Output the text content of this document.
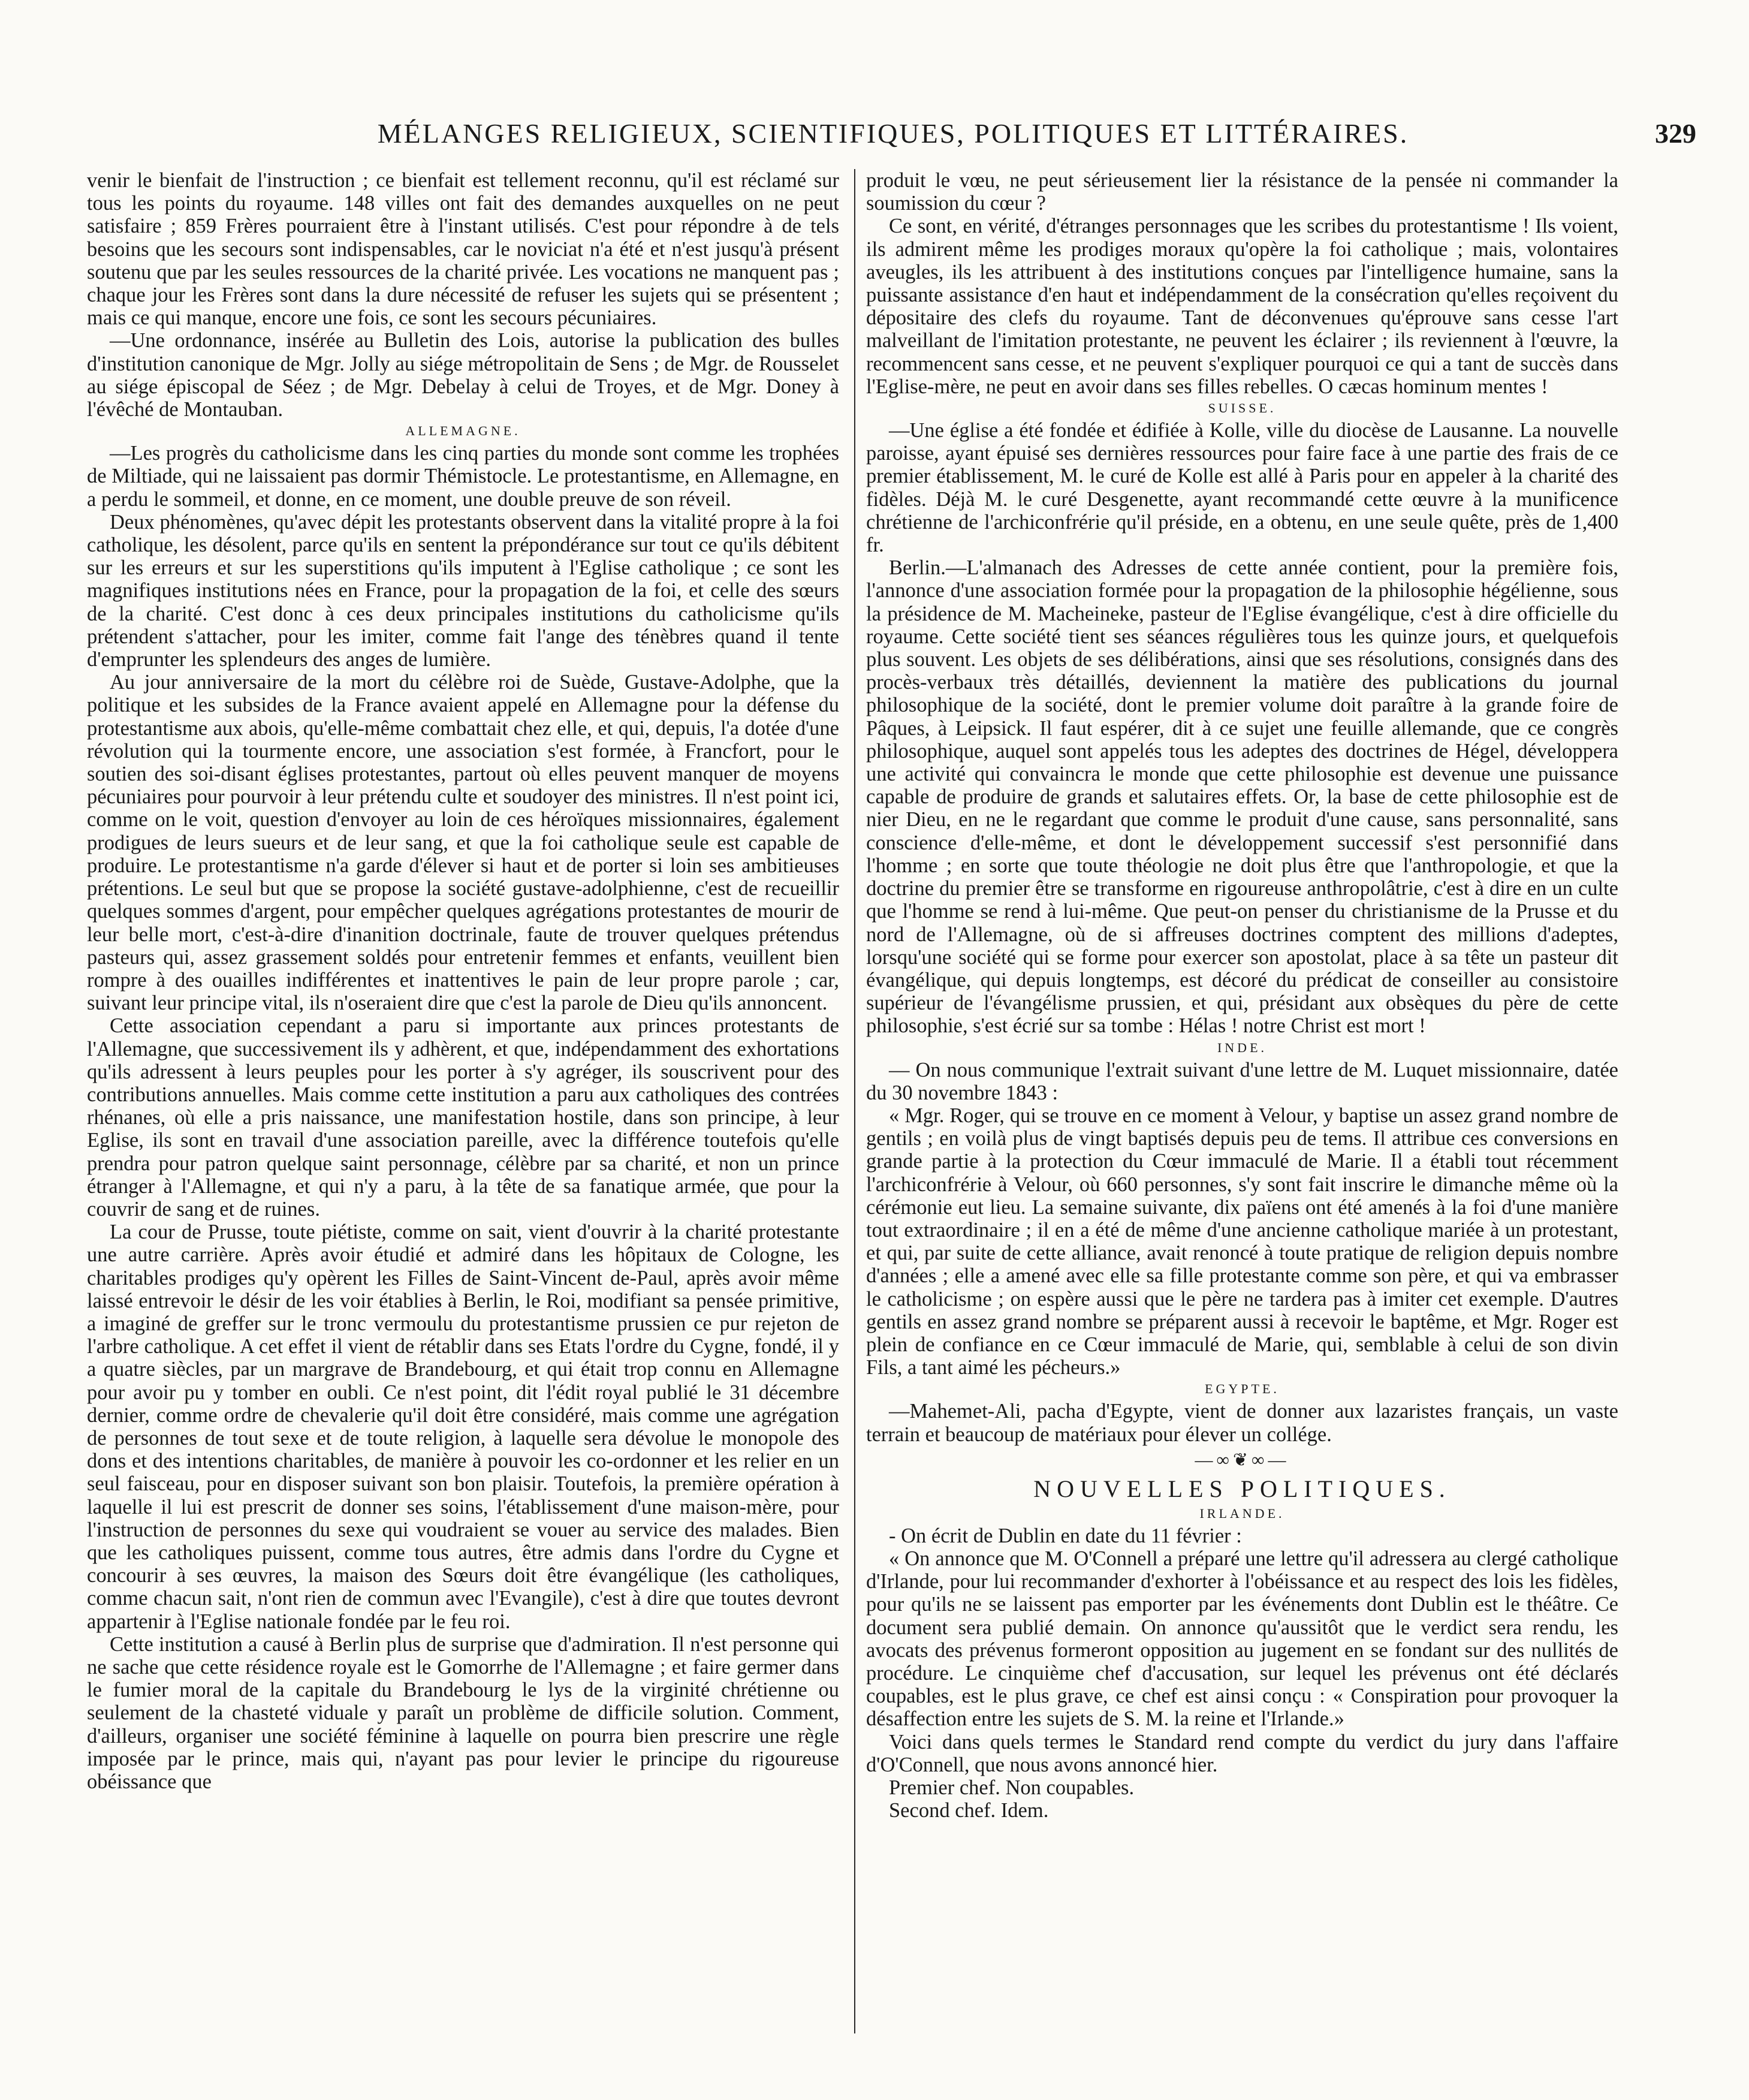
MÉLANGES RELIGIEUX, SCIENTIFIQUES, POLITIQUES ET LITTÉRAIRES.	329

venir le bienfait de l'instruction ; ce bienfait est tellement reconnu, qu'il est réclamé sur tous les points du royaume. 148 villes ont fait des demandes auxquelles on ne peut satisfaire ; 859 Frères pourraient être à l'instant utilisés. C'est pour répondre à de tels besoins que les secours sont indispensables, car le noviciat n'a été et n'est jusqu'à présent soutenu que par les seules ressources de la charité privée. Les vocations ne manquent pas ; chaque jour les Frères sont dans la dure nécessité de refuser les sujets qui se présentent ; mais ce qui manque, encore une fois, ce sont les secours pécuniaires.

—Une ordonnance, insérée au Bulletin des Lois, autorise la publication des bulles d'institution canonique de Mgr. Jolly au siége métropolitain de Sens ; de Mgr. de Rousselet au siége épiscopal de Séez ; de Mgr. Debelay à celui de Troyes, et de Mgr. Doney à l'évêché de Montauban.

ALLEMAGNE.

—Les progrès du catholicisme dans les cinq parties du monde sont comme les trophées de Miltiade, qui ne laissaient pas dormir Thémistocle. Le protestantisme, en Allemagne, en a perdu le sommeil, et donne, en ce moment, une double preuve de son réveil.

Deux phénomènes, qu'avec dépit les protestants observent dans la vitalité propre à la foi catholique, les désolent, parce qu'ils en sentent la prépondérance sur tout ce qu'ils débitent sur les erreurs et sur les superstitions qu'ils imputent à l'Eglise catholique ; ce sont les magnifiques institutions nées en France, pour la propagation de la foi, et celle des sœurs de la charité. C'est donc à ces deux principales institutions du catholicisme qu'ils prétendent s'attacher, pour les imiter, comme fait l'ange des ténèbres quand il tente d'emprunter les splendeurs des anges de lumière.

Au jour anniversaire de la mort du célèbre roi de Suède, Gustave-Adolphe, que la politique et les subsides de la France avaient appelé en Allemagne pour la défense du protestantisme aux abois, qu'elle-même combattait chez elle, et qui, depuis, l'a dotée d'une révolution qui la tourmente encore, une association s'est formée, à Francfort, pour le soutien des soi-disant églises protestantes, partout où elles peuvent manquer de moyens pécuniaires pour pourvoir à leur prétendu culte et soudoyer des ministres. Il n'est point ici, comme on le voit, question d'envoyer au loin de ces héroïques missionnaires, également prodigues de leurs sueurs et de leur sang, et que la foi catholique seule est capable de produire. Le protestantisme n'a garde d'élever si haut et de porter si loin ses ambitieuses prétentions. Le seul but que se propose la société gustave-adolphienne, c'est de recueillir quelques sommes d'argent, pour empêcher quelques agrégations protestantes de mourir de leur belle mort, c'est-à-dire d'inanition doctrinale, faute de trouver quelques prétendus pasteurs qui, assez grassement soldés pour entretenir femmes et enfants, veuillent bien rompre à des ouailles indifférentes et inattentives le pain de leur propre parole ; car, suivant leur principe vital, ils n'oseraient dire que c'est la parole de Dieu qu'ils annoncent.

Cette association cependant a paru si importante aux princes protestants de l'Allemagne, que successivement ils y adhèrent, et que, indépendamment des exhortations qu'ils adressent à leurs peuples pour les porter à s'y agréger, ils souscrivent pour des contributions annuelles. Mais comme cette institution a paru aux catholiques des contrées rhénanes, où elle a pris naissance, une manifestation hostile, dans son principe, à leur Eglise, ils sont en travail d'une association pareille, avec la différence toutefois qu'elle prendra pour patron quelque saint personnage, célèbre par sa charité, et non un prince étranger à l'Allemagne, et qui n'y a paru, à la tête de sa fanatique armée, que pour la couvrir de sang et de ruines.

La cour de Prusse, toute piétiste, comme on sait, vient d'ouvrir à la charité protestante une autre carrière. Après avoir étudié et admiré dans les hôpitaux de Cologne, les charitables prodiges qu'y opèrent les Filles de Saint-Vincent de-Paul, après avoir même laissé entrevoir le désir de les voir établies à Berlin, le Roi, modifiant sa pensée primitive, a imaginé de greffer sur le tronc vermoulu du protestantisme prussien ce pur rejeton de l'arbre catholique. A cet effet il vient de rétablir dans ses Etats l'ordre du Cygne, fondé, il y a quatre siècles, par un margrave de Brandebourg, et qui était trop connu en Allemagne pour avoir pu y tomber en oubli. Ce n'est point, dit l'édit royal publié le 31 décembre dernier, comme ordre de chevalerie qu'il doit être considéré, mais comme une agrégation de personnes de tout sexe et de toute religion, à laquelle sera dévolue le monopole des dons et des intentions charitables, de manière à pouvoir les co-ordonner et les relier en un seul faisceau, pour en disposer suivant son bon plaisir. Toutefois, la première opération à laquelle il lui est prescrit de donner ses soins, l'établissement d'une maison-mère, pour l'instruction de personnes du sexe qui voudraient se vouer au service des malades. Bien que les catholiques puissent, comme tous autres, être admis dans l'ordre du Cygne et concourir à ses œuvres, la maison des Sœurs doit être évangélique (les catholiques, comme chacun sait, n'ont rien de commun avec l'Evangile), c'est à dire que toutes devront appartenir à l'Eglise nationale fondée par le feu roi.

Cette institution a causé à Berlin plus de surprise que d'admiration. Il n'est personne qui ne sache que cette résidence royale est le Gomorrhe de l'Allemagne ; et faire germer dans le fumier moral de la capitale du Brandebourg le lys de la virginité chrétienne ou seulement de la chasteté viduale y paraît un problème de difficile solution. Comment, d'ailleurs, organiser une société féminine à laquelle on pourra bien prescrire une règle imposée par le prince, mais qui, n'ayant pas pour levier le principe du rigoureuse obéissance que

produit le vœu, ne peut sérieusement lier la résistance de la pensée ni commander la soumission du cœur ?

Ce sont, en vérité, d'étranges personnages que les scribes du protestantisme ! Ils voient, ils admirent même les prodiges moraux qu'opère la foi catholique ; mais, volontaires aveugles, ils les attribuent à des institutions conçues par l'intelligence humaine, sans la puissante assistance d'en haut et indépendamment de la consécration qu'elles reçoivent du dépositaire des clefs du royaume. Tant de déconvenues qu'éprouve sans cesse l'art malveillant de l'imitation protestante, ne peuvent les éclairer ; ils reviennent à l'œuvre, la recommencent sans cesse, et ne peuvent s'expliquer pourquoi ce qui a tant de succès dans l'Eglise-mère, ne peut en avoir dans ses filles rebelles. O cæcas hominum mentes !

SUISSE.

—Une église a été fondée et édifiée à Kolle, ville du diocèse de Lausanne. La nouvelle paroisse, ayant épuisé ses dernières ressources pour faire face à une partie des frais de ce premier établissement, M. le curé de Kolle est allé à Paris pour en appeler à la charité des fidèles. Déjà M. le curé Desgenette, ayant recommandé cette œuvre à la munificence chrétienne de l'archiconfrérie qu'il préside, en a obtenu, en une seule quête, près de 1,400 fr.

Berlin.—L'almanach des Adresses de cette année contient, pour la première fois, l'annonce d'une association formée pour la propagation de la philosophie hégélienne, sous la présidence de M. Macheineke, pasteur de l'Eglise évangélique, c'est à dire officielle du royaume. Cette société tient ses séances régulières tous les quinze jours, et quelquefois plus souvent. Les objets de ses délibérations, ainsi que ses résolutions, consignés dans des procès-verbaux très détaillés, deviennent la matière des publications du journal philosophique de la société, dont le premier volume doit paraître à la grande foire de Pâques, à Leipsick. Il faut espérer, dit à ce sujet une feuille allemande, que ce congrès philosophique, auquel sont appelés tous les adeptes des doctrines de Hégel, développera une activité qui convaincra le monde que cette philosophie est devenue une puissance capable de produire de grands et salutaires effets. Or, la base de cette philosophie est de nier Dieu, en ne le regardant que comme le produit d'une cause, sans personnalité, sans conscience d'elle-même, et dont le développement successif s'est personnifié dans l'homme ; en sorte que toute théologie ne doit plus être que l'anthropologie, et que la doctrine du premier être se transforme en rigoureuse anthropolâtrie, c'est à dire en un culte que l'homme se rend à lui-même. Que peut-on penser du christianisme de la Prusse et du nord de l'Allemagne, où de si affreuses doctrines comptent des millions d'adeptes, lorsqu'une société qui se forme pour exercer son apostolat, place à sa tête un pasteur dit évangélique, qui depuis longtemps, est décoré du prédicat de conseiller au consistoire supérieur de l'évangélisme prussien, et qui, présidant aux obsèques du père de cette philosophie, s'est écrié sur sa tombe : Hélas ! notre Christ est mort !

INDE.

— On nous communique l'extrait suivant d'une lettre de M. Luquet missionnaire, datée du 30 novembre 1843 :

« Mgr. Roger, qui se trouve en ce moment à Velour, y baptise un assez grand nombre de gentils ; en voilà plus de vingt baptisés depuis peu de tems. Il attribue ces conversions en grande partie à la protection du Cœur immaculé de Marie. Il a établi tout récemment l'archiconfrérie à Velour, où 660 personnes, s'y sont fait inscrire le dimanche même où la cérémonie eut lieu. La semaine suivante, dix païens ont été amenés à la foi d'une manière tout extraordinaire ; il en a été de même d'une ancienne catholique mariée à un protestant, et qui, par suite de cette alliance, avait renoncé à toute pratique de religion depuis nombre d'années ; elle a amené avec elle sa fille protestante comme son père, et qui va embrasser le catholicisme ; on espère aussi que le père ne tardera pas à imiter cet exemple. D'autres gentils en assez grand nombre se préparent aussi à recevoir le baptême, et Mgr. Roger est plein de confiance en ce Cœur immaculé de Marie, qui, semblable à celui de son divin Fils, a tant aimé les pécheurs.»

EGYPTE.

—Mahemet-Ali, pacha d'Egypte, vient de donner aux lazaristes français, un vaste terrain et beaucoup de matériaux pour élever un collége.

—∞❦∞—
NOUVELLES POLITIQUES.
IRLANDE.

- On écrit de Dublin en date du 11 février :

« On annonce que M. O'Connell a préparé une lettre qu'il adressera au clergé catholique d'Irlande, pour lui recommander d'exhorter à l'obéissance et au respect des lois les fidèles, pour qu'ils ne se laissent pas emporter par les événements dont Dublin est le théâtre. Ce document sera publié demain. On annonce qu'aussitôt que le verdict sera rendu, les avocats des prévenus formeront opposition au jugement en se fondant sur des nullités de procédure. Le cinquième chef d'accusation, sur lequel les prévenus ont été déclarés coupables, est le plus grave, ce chef est ainsi conçu : « Conspiration pour provoquer la désaffection entre les sujets de S. M. la reine et l'Irlande.»

Voici dans quels termes le Standard rend compte du verdict du jury dans l'affaire d'O'Connell, que nous avons annoncé hier.

Premier chef. Non coupables.

Second chef. Idem.
